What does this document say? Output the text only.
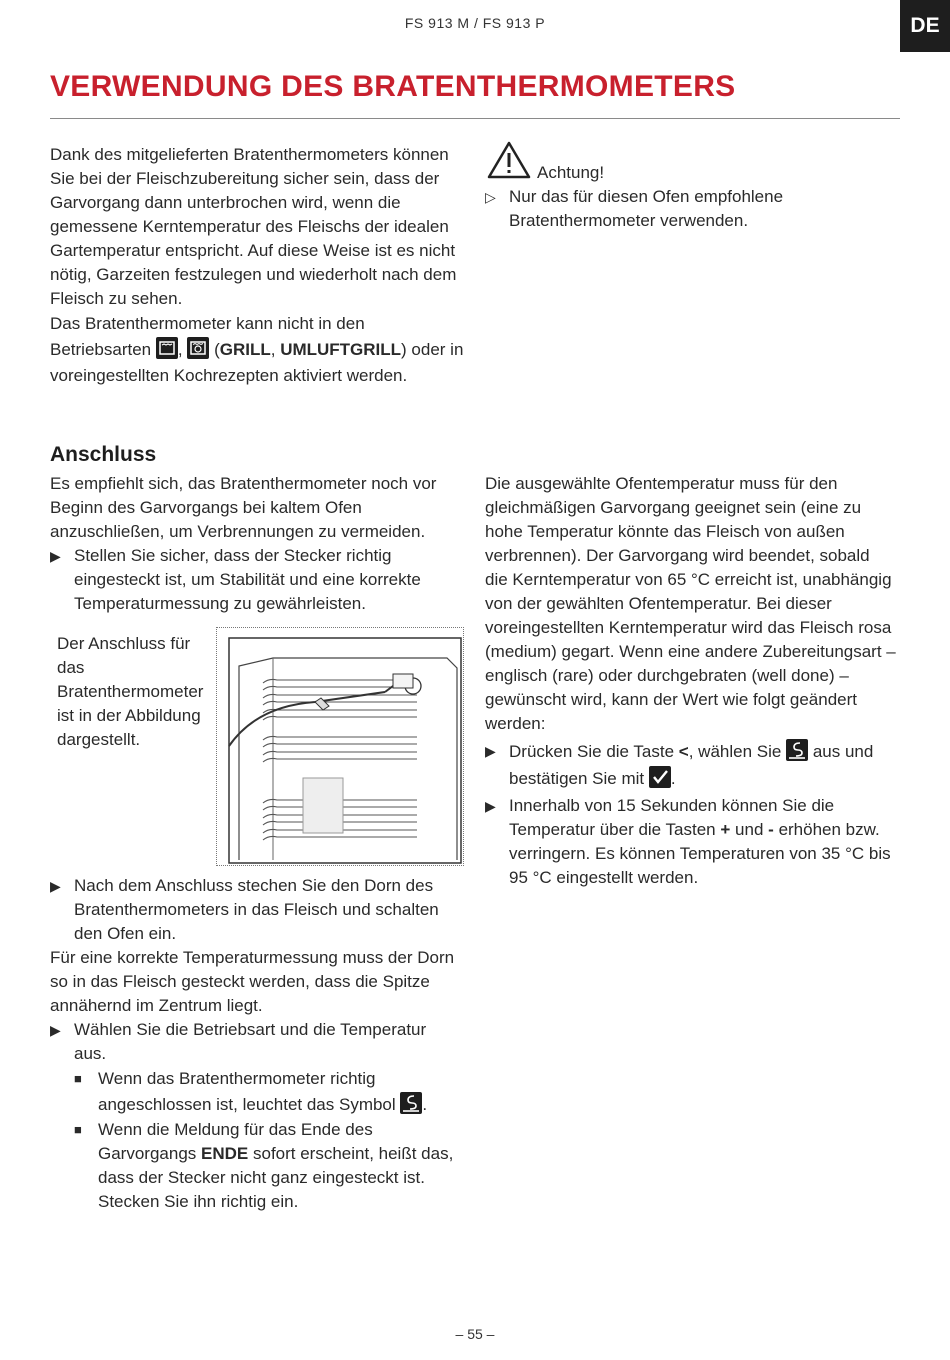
FS 913 M / FS 913 P	DE
VERWENDUNG DES BRATENTHERMOMETERS

Dank des mitgelieferten Bratenthermometers können Sie bei der Fleischzubereitung sicher sein, dass der Garvorgang dann unterbrochen wird, wenn die gemessene Kerntemperatur des Fleischs der idealen Gartemperatur entspricht. Auf diese Weise ist es nicht nötig, Garzeiten festzulegen und wiederholt nach dem Fleisch zu sehen.

Das Bratenthermometer kann nicht in den Betriebsarten , (GRILL, UMLUFTGRILL) oder in voreingestellten Kochrezepten aktiviert werden.

Achtung!
▷ Nur das für diesen Ofen empfohlene Bratenthermometer verwenden.
Anschluss

Es empfiehlt sich, das Bratenthermometer noch vor Beginn des Garvorgangs bei kaltem Ofen anzuschließen, um Verbrennungen zu vermeiden.

▶ Stellen Sie sicher, dass der Stecker richtig eingesteckt ist, um Stabilität und eine korrekte Temperaturmessung zu gewährleisten.
Der Anschluss für das Bratenthermometer ist in der Abbildung dargestellt.
▶ Nach dem Anschluss stechen Sie den Dorn des Bratenthermometers in das Fleisch und schalten den Ofen ein.

Für eine korrekte Temperaturmessung muss der Dorn so in das Fleisch gesteckt werden, dass die Spitze annähernd im Zentrum liegt.

▶ Wählen Sie die Betriebsart und die Temperatur aus.
■ Wenn das Bratenthermometer richtig angeschlossen ist, leuchtet das Symbol .
■ Wenn die Meldung für das Ende des Garvorgangs ENDE sofort erscheint, heißt das, dass der Stecker nicht ganz eingesteckt ist. Stecken Sie ihn richtig ein.

Die ausgewählte Ofentemperatur muss für den gleichmäßigen Garvorgang geeignet sein (eine zu hohe Temperatur könnte das Fleisch von außen verbrennen). Der Garvorgang wird beendet, sobald die Kerntemperatur von 65 °C erreicht ist, unabhängig von der gewählten Ofentemperatur. Bei dieser voreingestellten Kerntemperatur wird das Fleisch rosa (medium) gegart. Wenn eine andere Zubereitungsart – englisch (rare) oder durchgebraten (well done) – gewünscht wird, kann der Wert wie folgt geändert werden:

▶ Drücken Sie die Taste <, wählen Sie aus und bestätigen Sie mit .
▶ Innerhalb von 15 Sekunden können Sie die Temperatur über die Tasten + und - erhöhen bzw. verringern. Es können Temperaturen von 35 °C bis 95 °C eingestellt werden.
– 55 –
